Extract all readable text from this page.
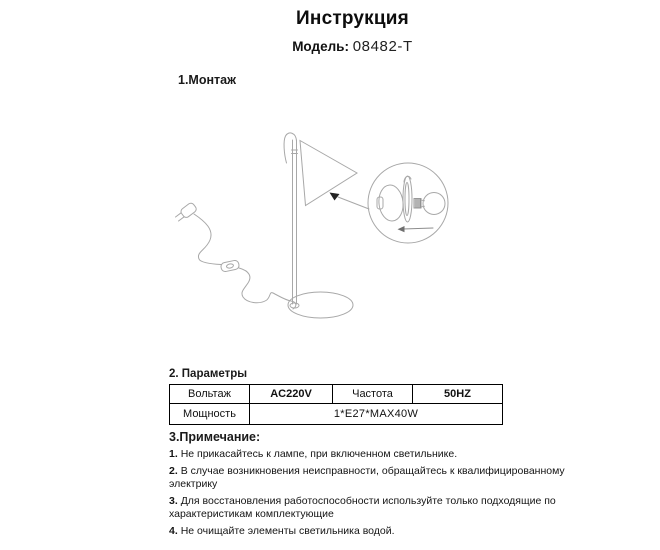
Инструкция
Модель: 08482-T
1.Монтаж
2. Параметры
Вольтаж	AC220V	Частота	50HZ
Мощность	1*E27*MAX40W		
3.Примечание:

1. Не прикасайтесь к лампе, при включенном светильнике.

2. В случае возникновения неисправности, обращайтесь к квалифицированному электрику

3. Для восстановления работоспособности используйте только подходящие по характеристикам комплектующие

4. Не очищайте элементы светильника водой.
